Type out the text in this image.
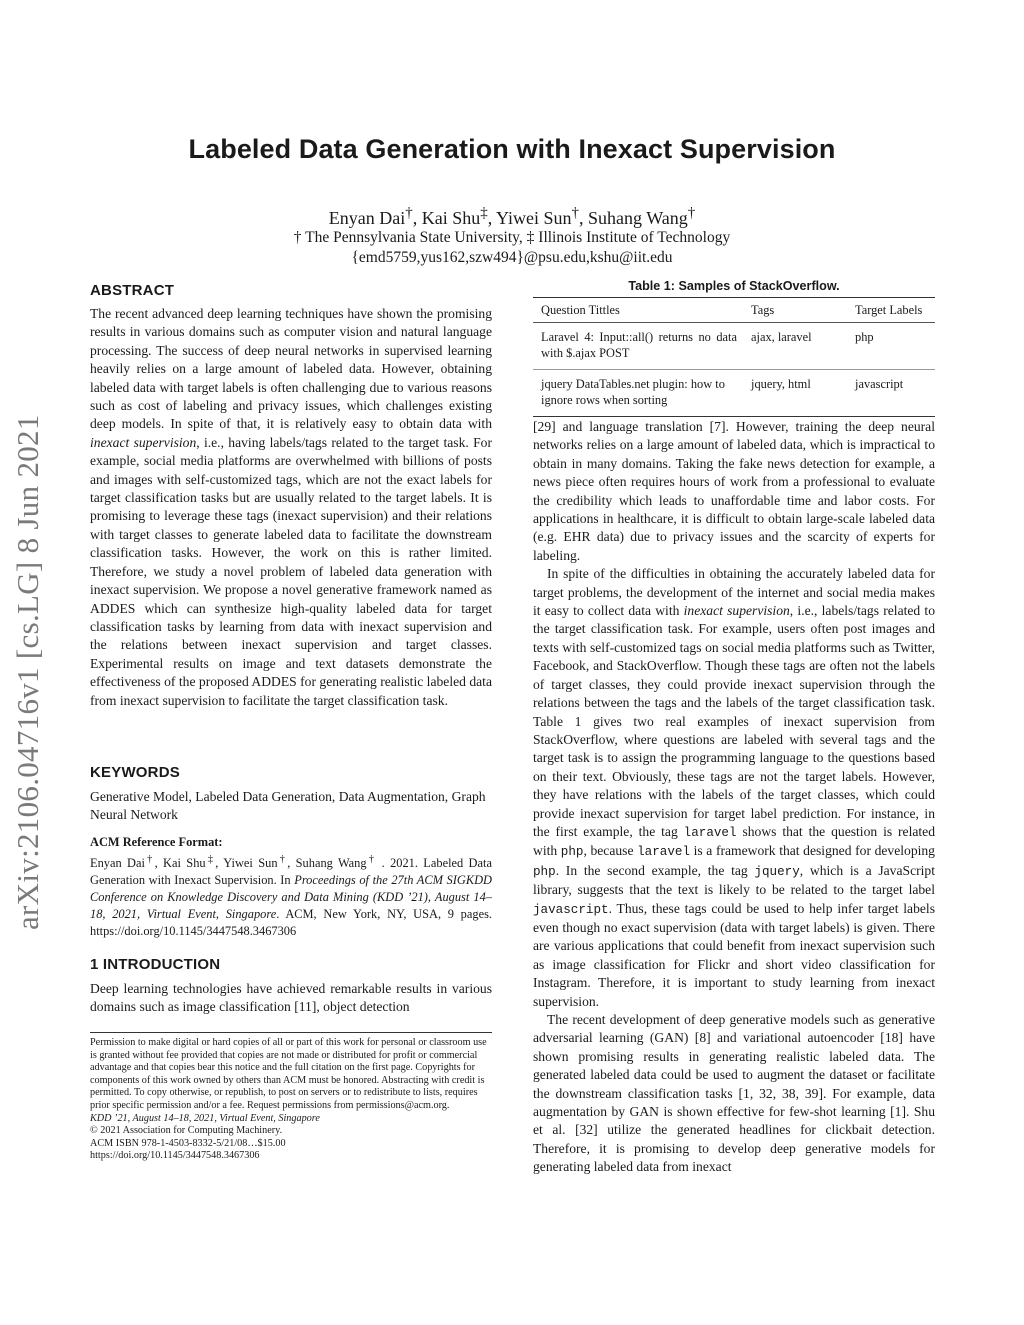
arXiv:2106.04716v1 [cs.LG] 8 Jun 2021
Labeled Data Generation with Inexact Supervision
Enyan Dai†, Kai Shu‡, Yiwei Sun†, Suhang Wang†
† The Pennsylvania State University, ‡ Illinois Institute of Technology
{emd5759,yus162,szw494}@psu.edu,kshu@iit.edu
ABSTRACT

The recent advanced deep learning techniques have shown the promising results in various domains such as computer vision and natural language processing. The success of deep neural networks in supervised learning heavily relies on a large amount of labeled data. However, obtaining labeled data with target labels is often challenging due to various reasons such as cost of labeling and privacy issues, which challenges existing deep models. In spite of that, it is relatively easy to obtain data with inexact supervision, i.e., having labels/tags related to the target task. For example, social media platforms are overwhelmed with billions of posts and images with self-customized tags, which are not the exact labels for target classification tasks but are usually related to the target labels. It is promising to leverage these tags (inexact supervision) and their relations with target classes to generate labeled data to facilitate the downstream classification tasks. However, the work on this is rather limited. Therefore, we study a novel problem of labeled data generation with inexact supervision. We propose a novel generative framework named as ADDES which can synthesize high-quality labeled data for target classification tasks by learning from data with inexact supervision and the relations between inexact supervision and target classes. Experimental results on image and text datasets demonstrate the effectiveness of the proposed ADDES for generating realistic labeled data from inexact supervision to facilitate the target classification task.

KEYWORDS
Generative Model, Labeled Data Generation, Data Augmentation, Graph Neural Network
ACM Reference Format:

Enyan Dai†, Kai Shu‡, Yiwei Sun†, Suhang Wang† . 2021. Labeled Data Generation with Inexact Supervision. In Proceedings of the 27th ACM SIGKDD Conference on Knowledge Discovery and Data Mining (KDD ’21), August 14–18, 2021, Virtual Event, Singapore. ACM, New York, NY, USA, 9 pages. https://doi.org/10.1145/3447548.3467306

1 INTRODUCTION
Deep learning technologies have achieved remarkable results in various domains such as image classification [11], object detection

Permission to make digital or hard copies of all or part of this work for personal or classroom use is granted without fee provided that copies are not made or distributed for profit or commercial advantage and that copies bear this notice and the full citation on the first page. Copyrights for components of this work owned by others than ACM must be honored. Abstracting with credit is permitted. To copy otherwise, or republish, to post on servers or to redistribute to lists, requires prior specific permission and/or a fee. Request permissions from permissions@acm.org.

KDD ’21, August 14–18, 2021, Virtual Event, Singapore

© 2021 Association for Computing Machinery.

ACM ISBN 978-1-4503-8332-5/21/08…$15.00

https://doi.org/10.1145/3447548.3467306

Table 1: Samples of StackOverflow.
Question Tittles	Tags	Target Labels

Laravel 4: Input::all() returns no data with $.ajax POST	ajax, laravel	php

jquery DataTables.net plugin: how to ignore rows when sorting	jquery, html	javascript

[29] and language translation [7]. However, training the deep neural networks relies on a large amount of labeled data, which is impractical to obtain in many domains. Taking the fake news detection for example, a news piece often requires hours of work from a professional to evaluate the credibility which leads to unaffordable time and labor costs. For applications in healthcare, it is difficult to obtain large-scale labeled data (e.g. EHR data) due to privacy issues and the scarcity of experts for labeling.

In spite of the difficulties in obtaining the accurately labeled data for target problems, the development of the internet and social media makes it easy to collect data with inexact supervision, i.e., labels/tags related to the target classification task. For example, users often post images and texts with self-customized tags on social media platforms such as Twitter, Facebook, and StackOverflow. Though these tags are often not the labels of target classes, they could provide inexact supervision through the relations between the tags and the labels of the target classification task. Table 1 gives two real examples of inexact supervision from StackOverflow, where questions are labeled with several tags and the target task is to assign the programming language to the questions based on their text. Obviously, these tags are not the target labels. However, they have relations with the labels of the target classes, which could provide inexact supervision for target label prediction. For instance, in the first example, the tag laravel shows that the question is related with php, because laravel is a framework that designed for developing php. In the second example, the tag jquery, which is a JavaScript library, suggests that the text is likely to be related to the target label javascript. Thus, these tags could be used to help infer target labels even though no exact supervision (data with target labels) is given. There are various applications that could benefit from inexact supervision such as image classification for Flickr and short video classification for Instagram. Therefore, it is important to study learning from inexact supervision.

The recent development of deep generative models such as generative adversarial learning (GAN) [8] and variational autoencoder [18] have shown promising results in generating realistic labeled data. The generated labeled data could be used to augment the dataset or facilitate the downstream classification tasks [1, 32, 38, 39]. For example, data augmentation by GAN is shown effective for few-shot learning [1]. Shu et al. [32] utilize the generated headlines for clickbait detection. Therefore, it is promising to develop deep generative models for generating labeled data from inexact
